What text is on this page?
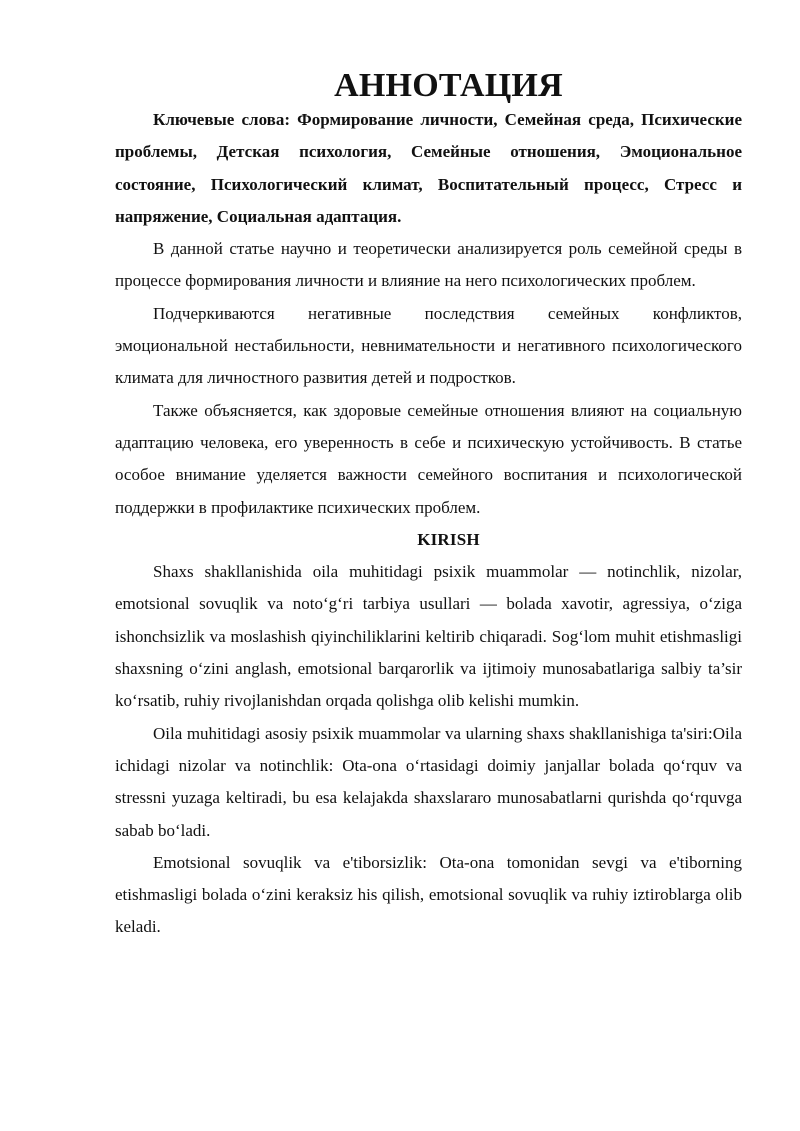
АННОТАЦИЯ

Ключевые слова: Формирование личности, Семейная среда, Психические проблемы, Детская психология, Семейные отношения, Эмоциональное состояние, Психологический климат, Воспитательный процесс, Стресс и напряжение, Социальная адаптация.

В данной статье научно и теоретически анализируется роль семейной среды в процессе формирования личности и влияние на него психологических проблем.

Подчеркиваются негативные последствия семейных конфликтов, эмоциональной нестабильности, невнимательности и негативного психологического климата для личностного развития детей и подростков.

Также объясняется, как здоровые семейные отношения влияют на социальную адаптацию человека, его уверенность в себе и психическую устойчивость. В статье особое внимание уделяется важности семейного воспитания и психологической поддержки в профилактике психических проблем.

KIRISH

Shaxs shakllanishida oila muhitidagi psixik muammolar — notinchlik, nizolar, emotsional sovuqlik va noto‘g‘ri tarbiya usullari — bolada xavotir, agressiya, o‘ziga ishonchsizlik va moslashish qiyinchiliklarini keltirib chiqaradi. Sog‘lom muhit etishmasligi shaxsning o‘zini anglash, emotsional barqarorlik va ijtimoiy munosabatlariga salbiy ta’sir ko‘rsatib, ruhiy rivojlanishdan orqada qolishga olib kelishi mumkin.

Oila muhitidagi asosiy psixik muammolar va ularning shaxs shakllanishiga ta'siri:Oila ichidagi nizolar va notinchlik: Ota-ona o‘rtasidagi doimiy janjallar bolada qo‘rquv va stressni yuzaga keltiradi, bu esa kelajakda shaxslararo munosabatlarni qurishda qo‘rquvga sabab bo‘ladi.

Emotsional sovuqlik va e'tiborsizlik: Ota-ona tomonidan sevgi va e'tiborning etishmasligi bolada o‘zini keraksiz his qilish, emotsional sovuqlik va ruhiy iztiroblarga olib keladi.
